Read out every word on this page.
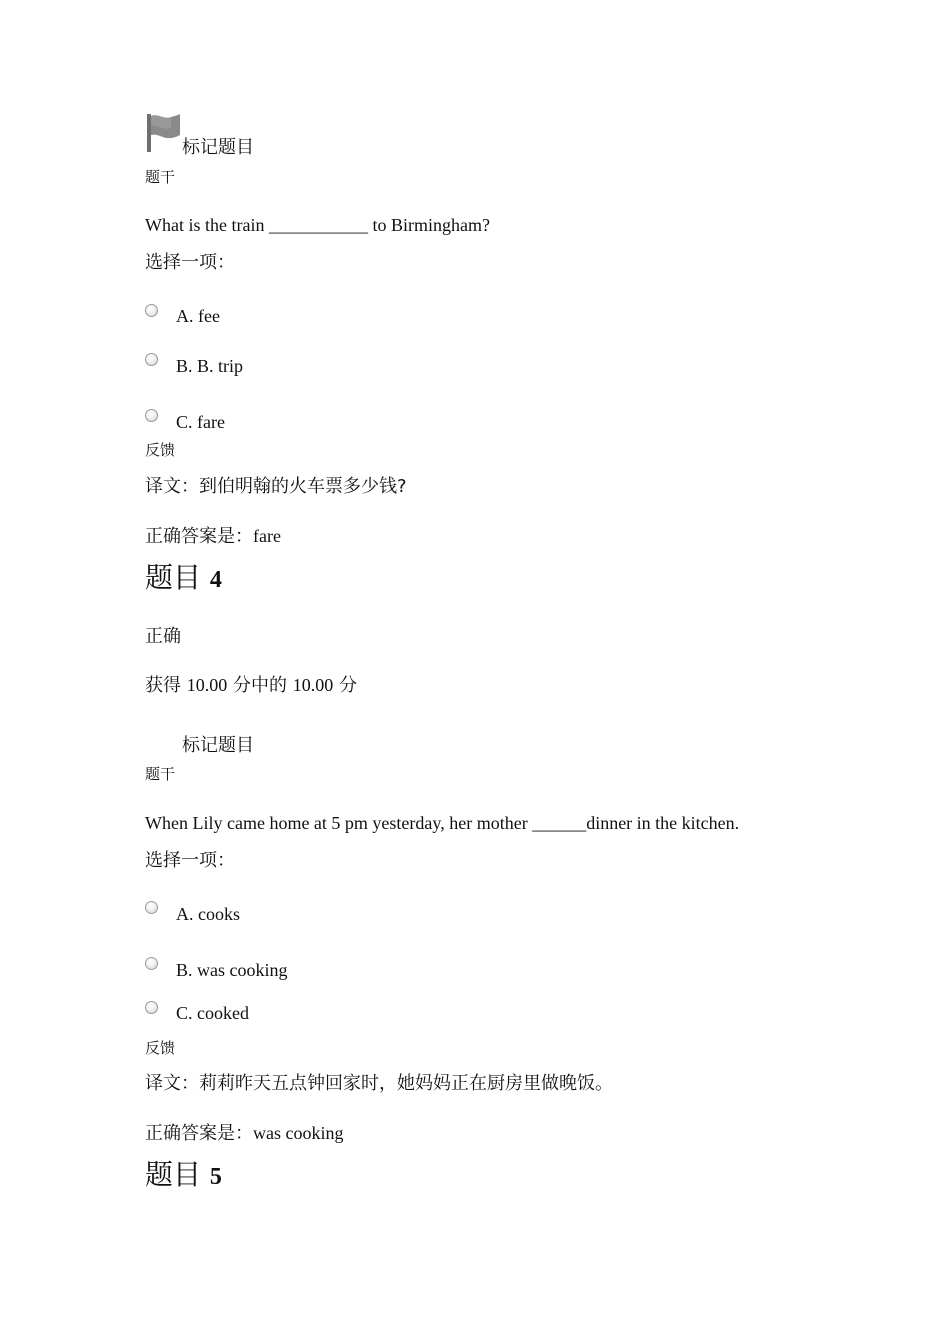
标记题目
题干
What is the train ___________ to Birmingham?
选择一项：
A. fee
B. B. trip
C. fare
反馈
译文：到伯明翰的火车票多少钱?
正确答案是：fare
题目 4
正确
获得 10.00 分中的 10.00 分
标记题目
题干
When Lily came home at 5 pm yesterday, her mother ______dinner in the kitchen.
选择一项：
A. cooks
B. was cooking
C. cooked
反馈
译文：莉莉昨天五点钟回家时，她妈妈正在厨房里做晚饭。
正确答案是：was cooking
题目 5
